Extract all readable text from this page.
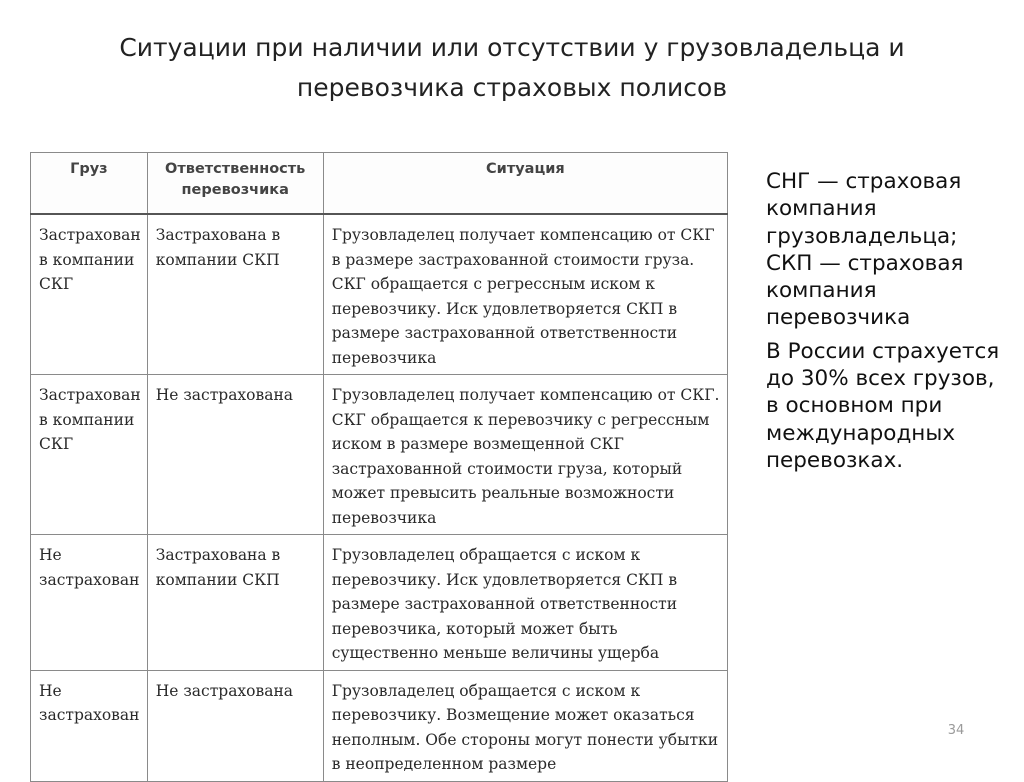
Ситуации при наличии или отсутствии у грузовладельца и
перевозчика страховых полисов
Груз	Ответственность перевозчика	Ситуация
Застрахован в компании СКГ	Застрахована в компании СКП	Грузовладелец получает компенсацию от СКГ в размере застрахованной стоимости груза. СКГ обращается с регрессным иском к перевозчику. Иск удовлетворяется СКП в размере застрахованной ответственности перевозчика
Застрахован в компании СКГ	Не застрахована	Грузовладелец получает компенсацию от СКГ. СКГ обращается к перевозчику с регрессным иском в размере возмещенной СКГ застрахованной стоимости груза, который может превысить реальные возможности перевозчика
Не застрахован	Застрахована в компании СКП	Грузовладелец обращается с иском к перевозчику. Иск удовлетворяется СКП в размере застрахованной ответственности перевозчика, который может быть существенно меньше величины ущерба
Не застрахован	Не застрахована	Грузовладелец обращается с иском к перевозчику. Возмещение может оказаться неполным. Обе стороны могут понести убытки в неопределенном размере

СНГ — страховая компания грузовладельца; СКП — страховая компания перевозчика

В России страхуется до 30% всех грузов, в основном при международных перевозках.

34
